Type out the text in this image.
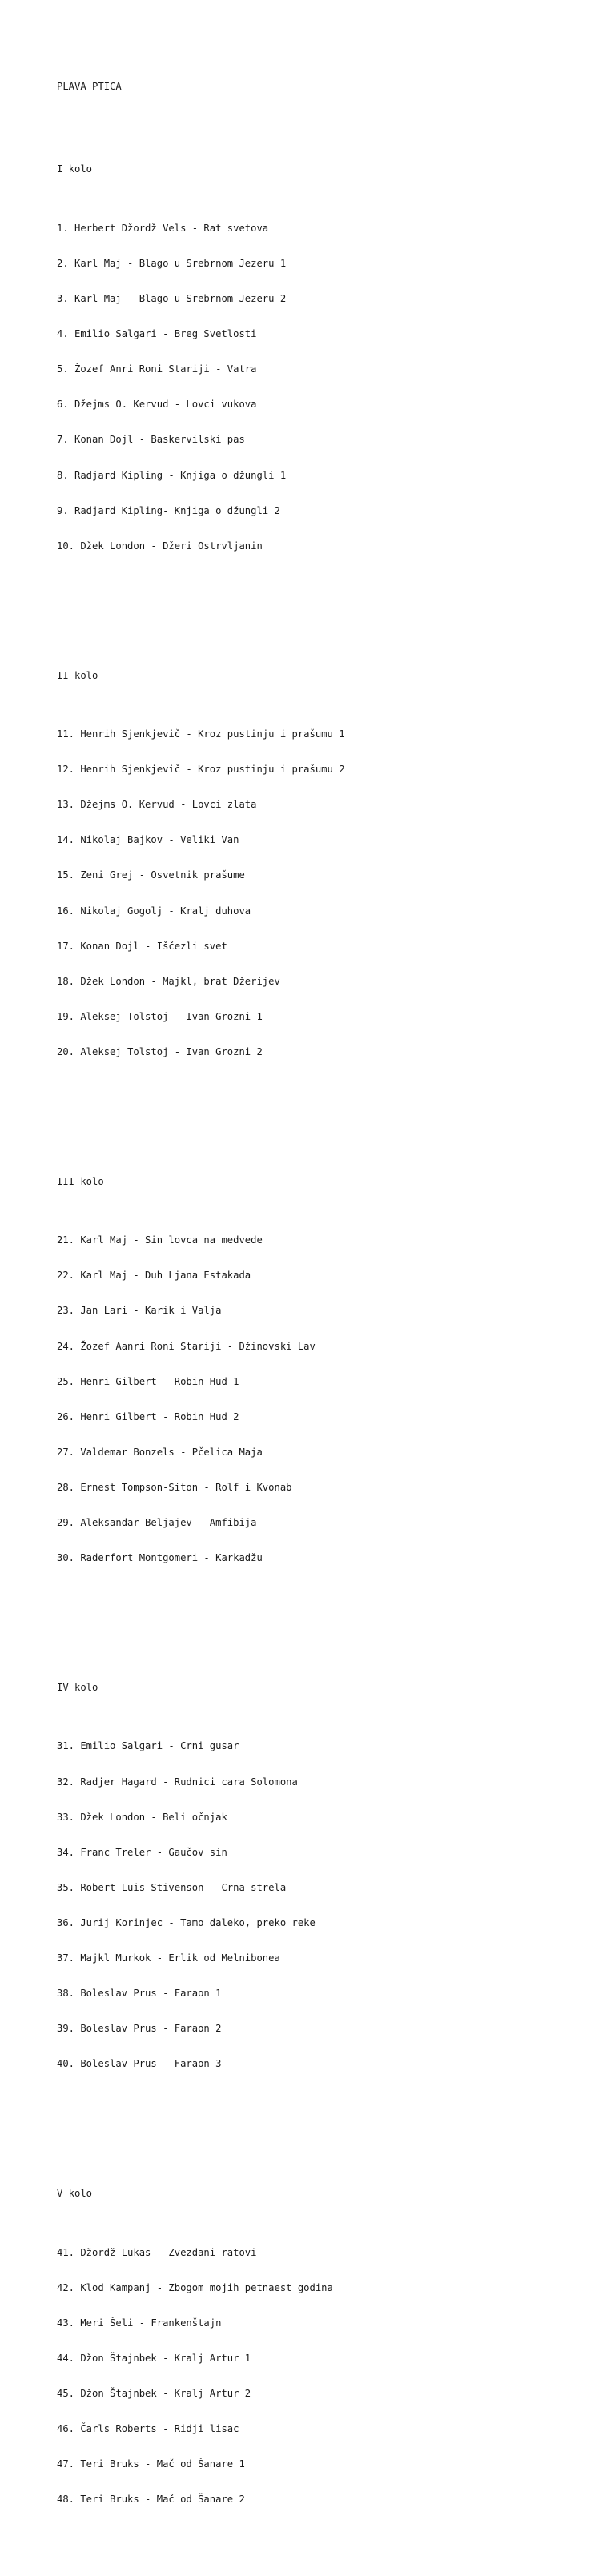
PLAVA PTICA

I kolo

1. Herbert Džordž Vels - Rat svetova

2. Karl Maj - Blago u Srebrnom Jezeru 1

3. Karl Maj - Blago u Srebrnom Jezeru 2

4. Emilio Salgari - Breg Svetlosti

5. Žozef Anri Roni Stariji - Vatra

6. Džejms O. Kervud - Lovci vukova

7. Konan Dojl - Baskervilski pas

8. Radjard Kipling - Knjiga o džungli 1

9. Radjard Kipling- Knjiga o džungli 2

10. Džek London - Džeri Ostrvljanin

II kolo

11. Henrih Sjenkjevič - Kroz pustinju i prašumu 1

12. Henrih Sjenkjevič - Kroz pustinju i prašumu 2

13. Džejms O. Kervud - Lovci zlata

14. Nikolaj Bajkov - Veliki Van

15. Zeni Grej - Osvetnik prašume

16. Nikolaj Gogolj - Kralj duhova

17. Konan Dojl - Iščezli svet

18. Džek London - Majkl, brat Džerijev

19. Aleksej Tolstoj - Ivan Grozni 1

20. Aleksej Tolstoj - Ivan Grozni 2

III kolo

21. Karl Maj - Sin lovca na medvede

22. Karl Maj - Duh Ljana Estakada

23. Jan Lari - Karik i Valja

24. Žozef Aanri Roni Stariji - Džinovski Lav

25. Henri Gilbert - Robin Hud 1

26. Henri Gilbert - Robin Hud 2

27. Valdemar Bonzels - Pčelica Maja

28. Ernest Tompson-Siton - Rolf i Kvonab

29. Aleksandar Beljajev - Amfibija

30. Raderfort Montgomeri - Karkadžu

IV kolo

31. Emilio Salgari - Crni gusar

32. Radjer Hagard - Rudnici cara Solomona

33. Džek London - Beli očnjak

34. Franc Treler - Gaučov sin

35. Robert Luis Stivenson - Crna strela

36. Jurij Korinjec - Tamo daleko, preko reke

37. Majkl Murkok - Erlik od Melnibonea

38. Boleslav Prus - Faraon 1

39. Boleslav Prus - Faraon 2

40. Boleslav Prus - Faraon 3

V kolo

41. Džordž Lukas - Zvezdani ratovi

42. Klod Kampanj - Zbogom mojih petnaest godina

43. Meri Šeli - Frankenštajn

44. Džon Štajnbek - Kralj Artur 1

45. Džon Štajnbek - Kralj Artur 2

46. Čarls Roberts - Ridji lisac

47. Teri Bruks - Mač od Šanare 1

48. Teri Bruks - Mač od Šanare 2
